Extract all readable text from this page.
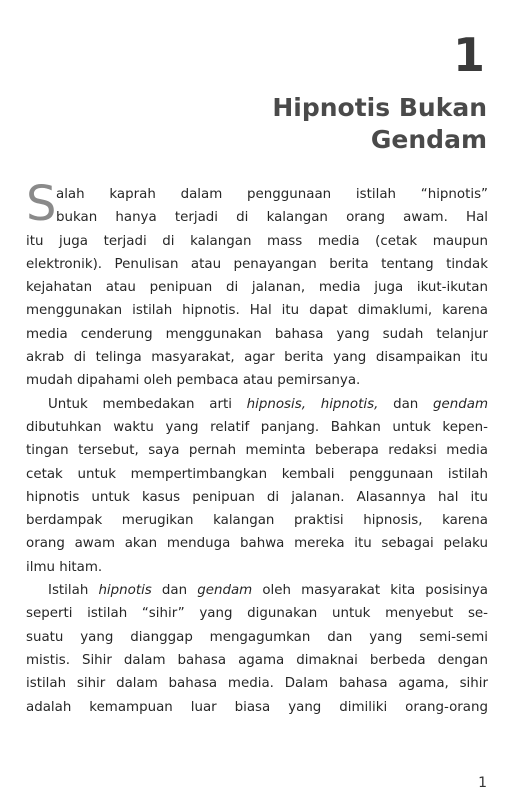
1
Hipnotis Bukan
Gendam
S alah kaprah dalam penggunaan istilah “hipnotis”
bukan hanya terjadi di kalangan orang awam. Hal
itu juga terjadi di kalangan mass media (cetak maupun
elektronik). Penulisan atau penayangan berita tentang tindak
kejahatan atau penipuan di jalanan, media juga ikut-ikutan
menggunakan istilah hipnotis. Hal itu dapat dimaklumi, karena
media cenderung menggunakan bahasa yang sudah telanjur
akrab di telinga masyarakat, agar berita yang disampaikan itu
mudah dipahami oleh pembaca atau pemirsanya.
Untuk membedakan arti hipnosis, hipnotis, dan gendam
dibutuhkan waktu yang relatif panjang. Bahkan untuk kepen-
tingan tersebut, saya pernah meminta beberapa redaksi media
cetak untuk mempertimbangkan kembali penggunaan istilah
hipnotis untuk kasus penipuan di jalanan. Alasannya hal itu
berdampak merugikan kalangan praktisi hipnosis, karena
orang awam akan menduga bahwa mereka itu sebagai pelaku
ilmu hitam.
Istilah hipnotis dan gendam oleh masyarakat kita posisinya
seperti istilah “sihir” yang digunakan untuk menyebut se-
suatu yang dianggap mengagumkan dan yang semi-semi
mistis. Sihir dalam bahasa agama dimaknai berbeda dengan
istilah sihir dalam bahasa media. Dalam bahasa agama, sihir
adalah kemampuan luar biasa yang dimiliki orang-orang
1
